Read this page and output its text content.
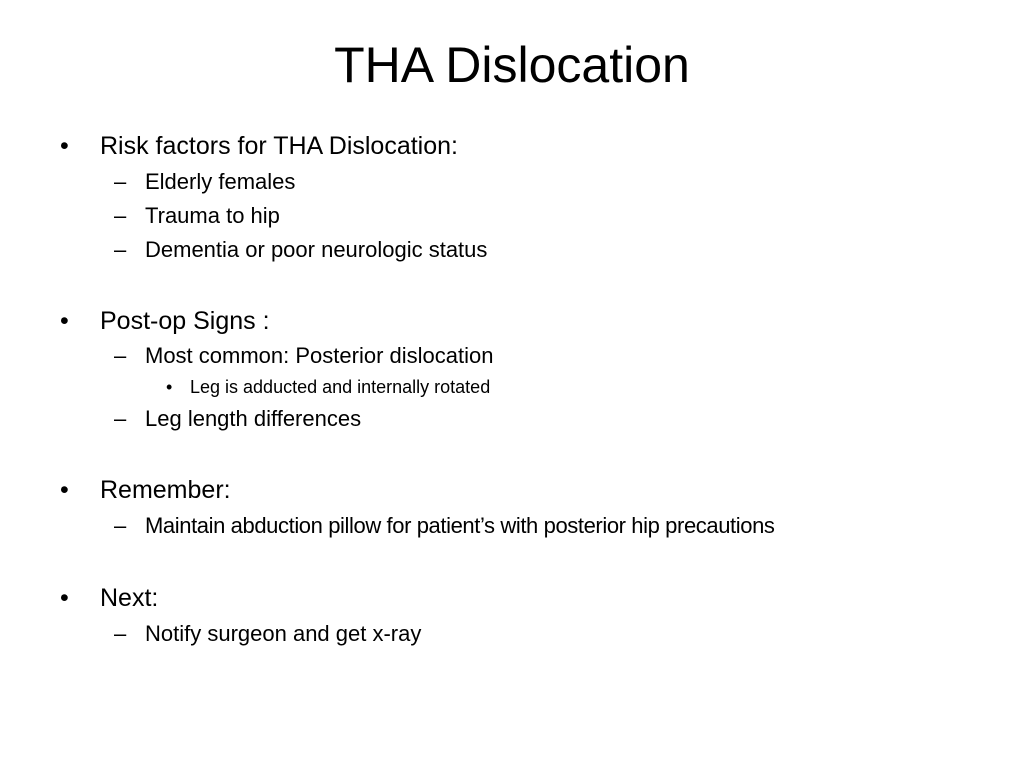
THA Dislocation
• Risk factors for THA Dislocation:
– Elderly females
– Trauma to hip
– Dementia or poor neurologic status
• Post-op Signs :
– Most common: Posterior dislocation
• Leg is adducted and internally rotated
– Leg length differences
• Remember:
– Maintain abduction pillow for patient’s with posterior hip precautions
• Next:
– Notify surgeon and get x-ray
